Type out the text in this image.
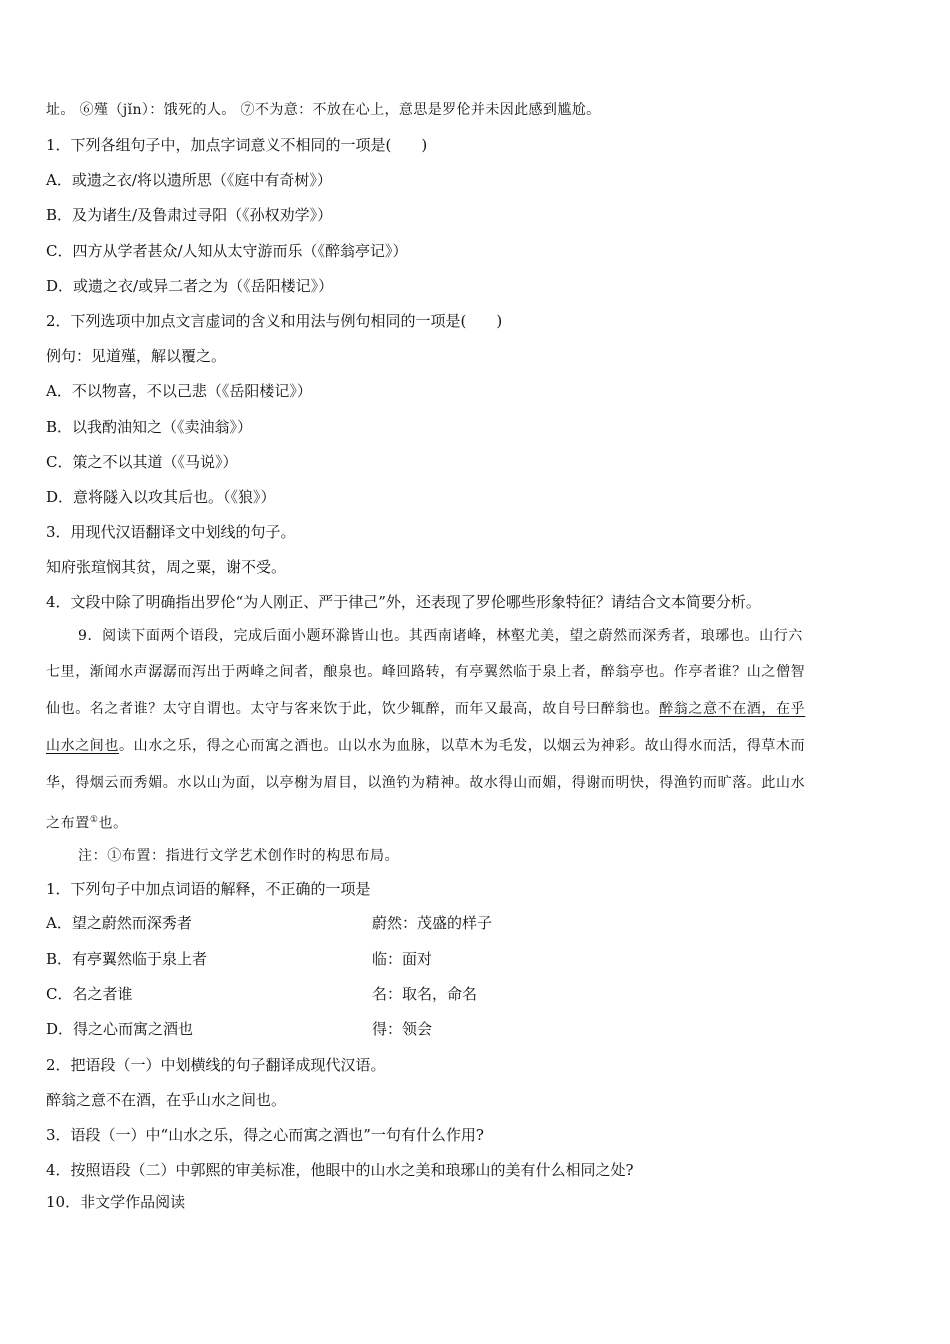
址。 ⑥殣（jǐn）：饿死的人。 ⑦不为意：不放在心上，意思是罗伦并未因此感到尴尬。
1．下列各组句子中，加点字词意义不相同的一项是(　　)
A．或遗之衣/将以遗所思（《庭中有奇树》）
B．及为诸生/及鲁肃过寻阳（《孙权劝学》）
C．四方从学者甚众/人知从太守游而乐（《醉翁亭记》）
D．或遗之衣/或异二者之为（《岳阳楼记》）
2．下列选项中加点文言虚词的含义和用法与例句相同的一项是(　　)
例句：见道殣，解以覆之。
A．不以物喜，不以己悲（《岳阳楼记》）
B．以我酌油知之（《卖油翁》）
C．策之不以其道（《马说》）
D．意将隧入以攻其后也。（《狼》）
3．用现代汉语翻译文中划线的句子。
知府张瑄悯其贫，周之粟，谢不受。
4．文段中除了明确指出罗伦“为人刚正、严于律己”外，还表现了罗伦哪些形象特征？请结合文本简要分析。
9．阅读下面两个语段，完成后面小题环滁皆山也。其西南诸峰，林壑尤美，望之蔚然而深秀者，琅琊也。山行六
七里，渐闻水声潺潺而泻出于两峰之间者，酿泉也。峰回路转，有亭翼然临于泉上者，醉翁亭也。作亭者谁？山之僧智
仙也。名之者谁？太守自谓也。太守与客来饮于此，饮少辄醉，而年又最高，故自号曰醉翁也。醉翁之意不在酒，在乎
山水之间也。山水之乐，得之心而寓之酒也。山以水为血脉，以草木为毛发，以烟云为神彩。故山得水而活，得草木而
华，得烟云而秀媚。水以山为面，以亭榭为眉目，以渔钓为精神。故水得山而媚，得谢而明快，得渔钓而旷落。此山水
之布置①也。
注：①布置：指进行文学艺术创作时的构思布局。
1．下列句子中加点词语的解释，不正确的一项是
A．望之蔚然而深秀者	蔚然：茂盛的样子
B．有亭翼然临于泉上者	临：面对
C．名之者谁	名：取名，命名
D．得之心而寓之酒也	得：领会
2．把语段（一）中划横线的句子翻译成现代汉语。
醉翁之意不在酒，在乎山水之间也。
3．语段（一）中“山水之乐，得之心而寓之酒也”一句有什么作用?
4．按照语段（二）中郭熙的审美标准，他眼中的山水之美和琅琊山的美有什么相同之处?
10．非文学作品阅读
